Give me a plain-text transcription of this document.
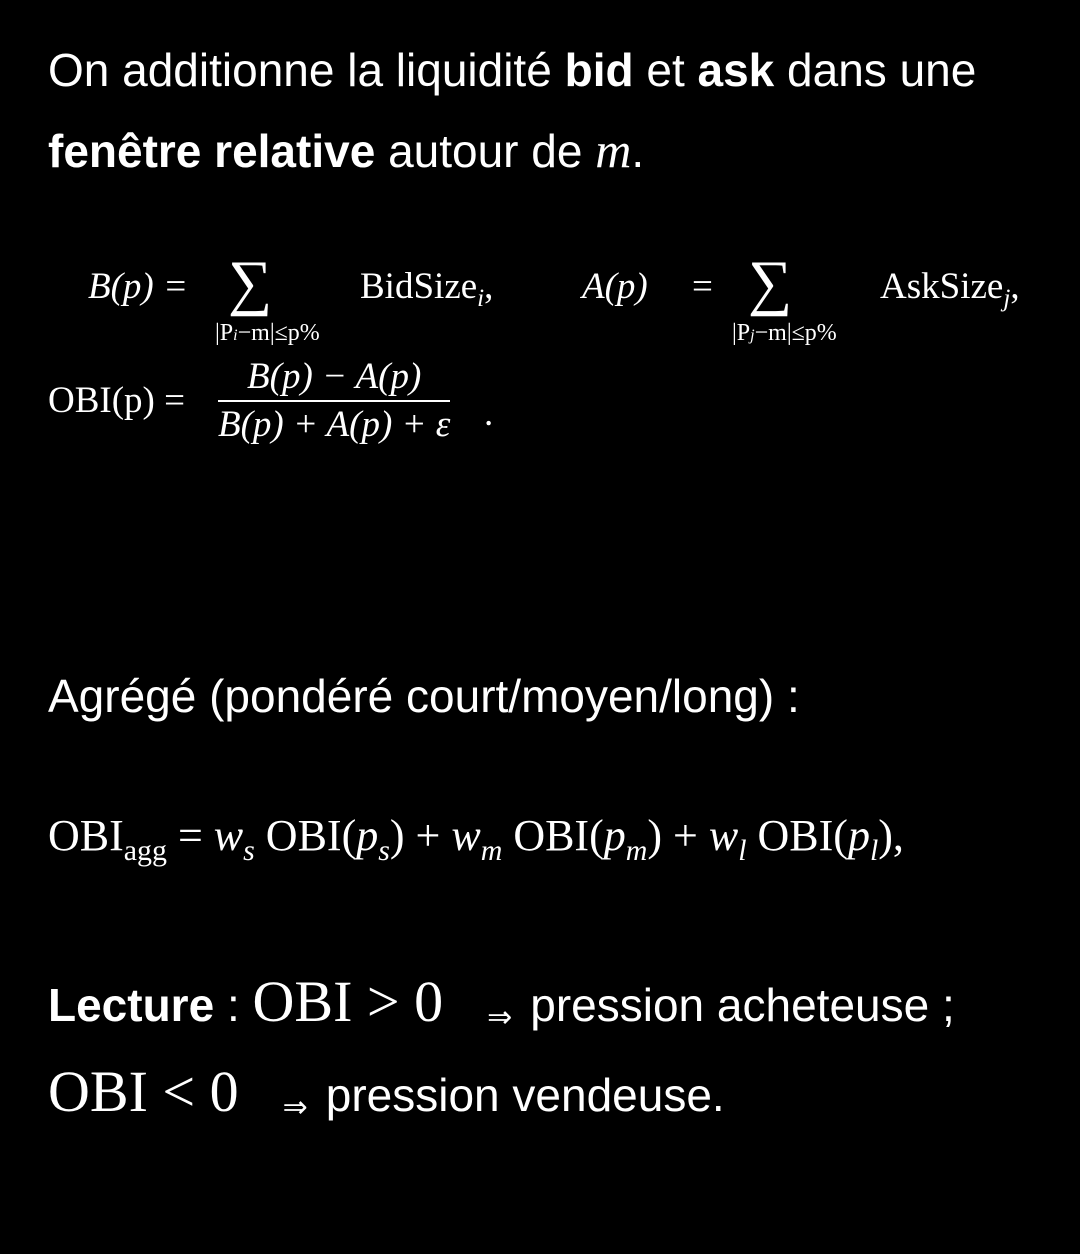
On additionne la liquidité bid et ask dans une fenêtre relative autour de m.

B(p) = ∑
|Pi−m|≤p%
BidSize$_i$, A(p) = ∑
|Pj−m|≤p%
AskSize$_j$,
OBI(p) =
B(p) − A(p)
B(p) + A(p) + ε .

Agrégé (pondéré court/moyen/long) :

$OBI_{agg} = w_s$ $OBI(p_s) + w_m$ $OBI(p_m) + w_l$ $OBI(p_l)$,

Lecture : OBI > 0 ⇒ pression acheteuse ; OBI < 0 ⇒ pression vendeuse.
